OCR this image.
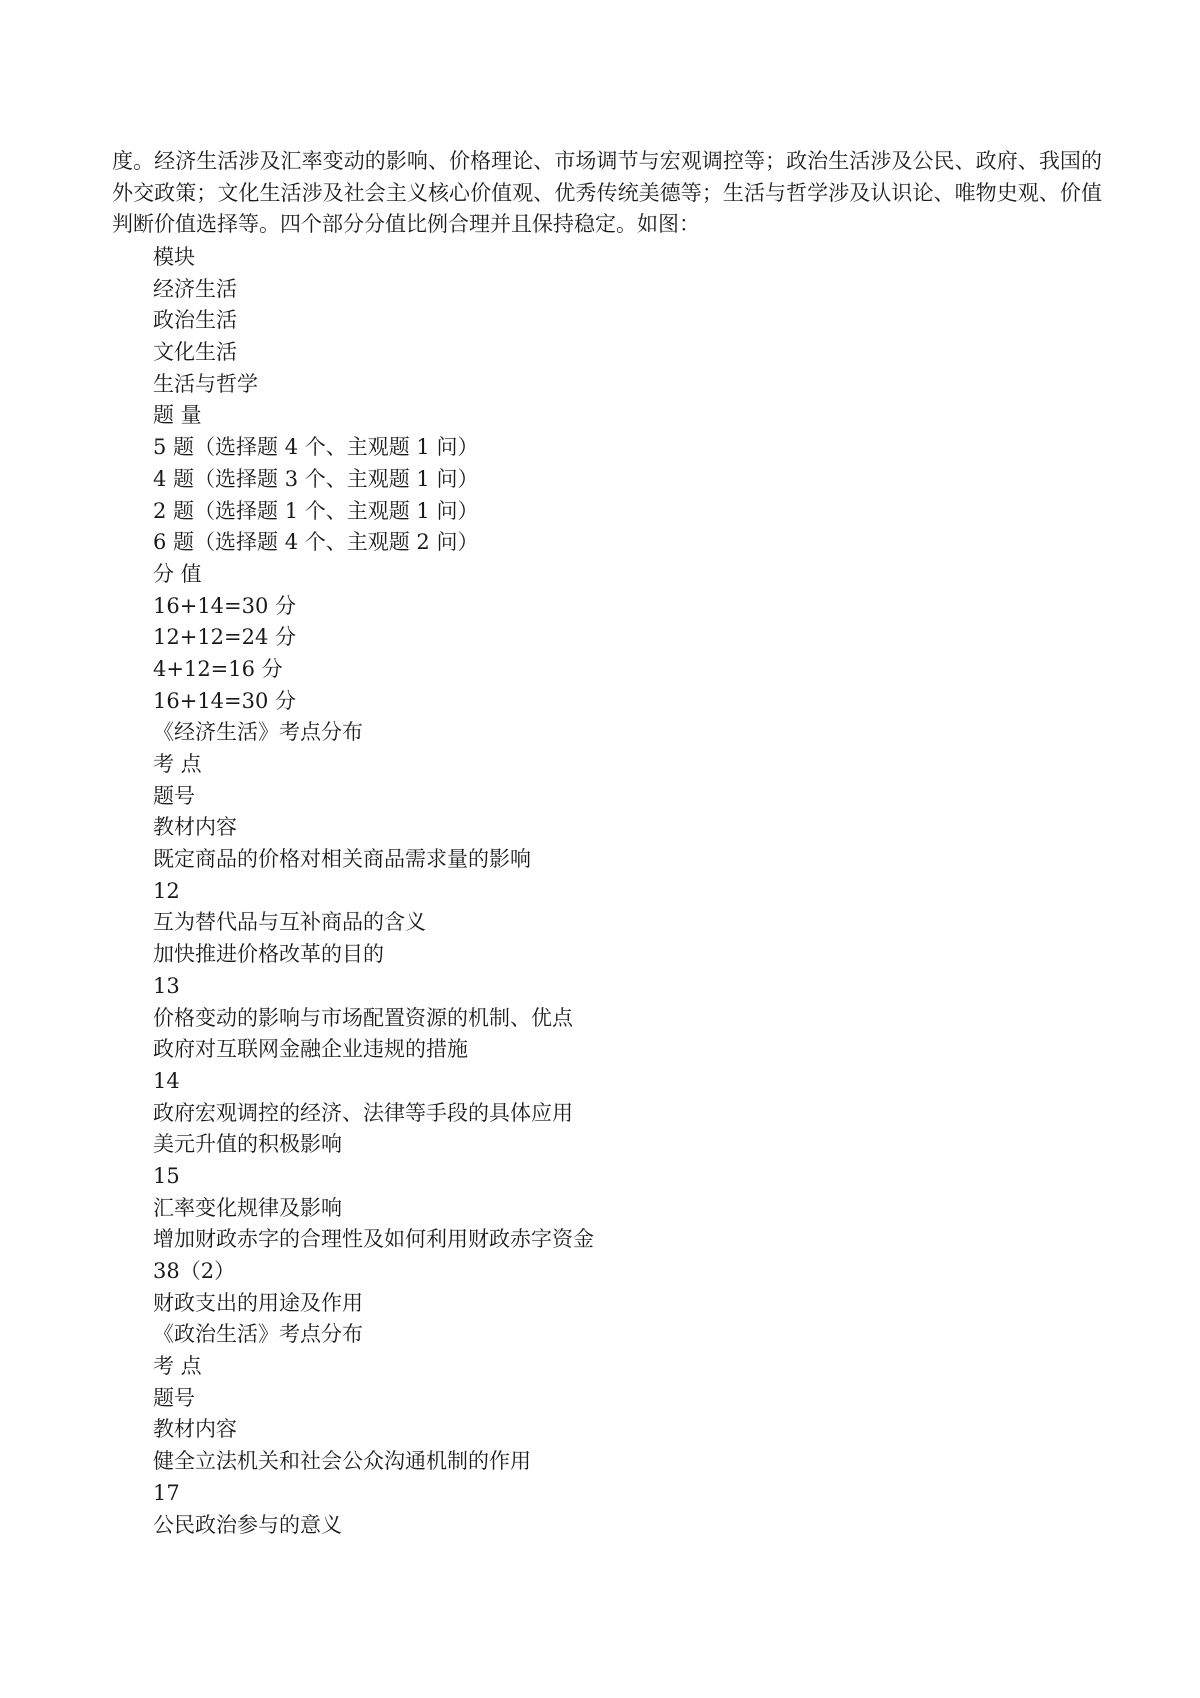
度。经济生活涉及汇率变动的影响、价格理论、市场调节与宏观调控等；政治生活涉及公民、政府、我国的外交政策；文化生活涉及社会主义核心价值观、优秀传统美德等；生活与哲学涉及认识论、唯物史观、价值判断价值选择等。四个部分分值比例合理并且保持稳定。如图：

模块
经济生活
政治生活
文化生活
生活与哲学
题 量
5 题（选择题 4 个、主观题 1 问）
4 题（选择题 3 个、主观题 1 问）
2 题（选择题 1 个、主观题 1 问）
6 题（选择题 4 个、主观题 2 问）
分 值
16+14=30 分
12+12=24 分
4+12=16 分
16+14=30 分
《经济生活》考点分布
考 点
题号
教材内容
既定商品的价格对相关商品需求量的影响
12
互为替代品与互补商品的含义
加快推进价格改革的目的
13
价格变动的影响与市场配置资源的机制、优点
政府对互联网金融企业违规的措施
14
政府宏观调控的经济、法律等手段的具体应用
美元升值的积极影响
15
汇率变化规律及影响
增加财政赤字的合理性及如何利用财政赤字资金
38（2）
财政支出的用途及作用
《政治生活》考点分布
考 点
题号
教材内容
健全立法机关和社会公众沟通机制的作用
17
公民政治参与的意义
